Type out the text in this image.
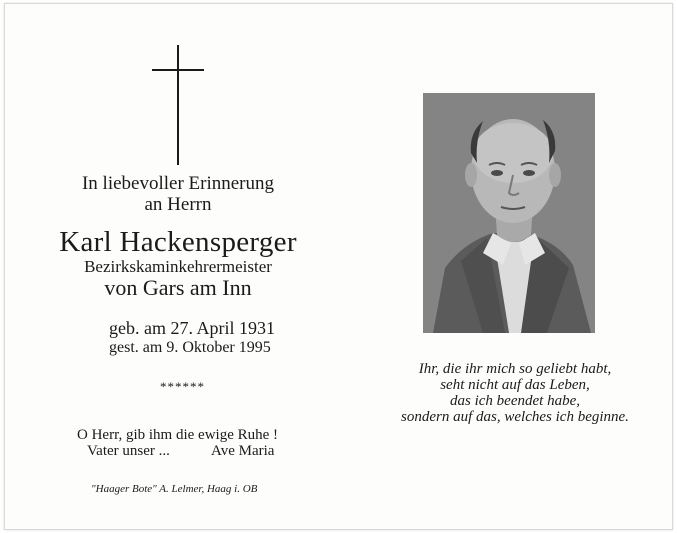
In liebevoller Erinnerung

an Herrn

Karl Hackensperger

Bezirkskaminkehrermeister

von Gars am Inn

geb. am 27. April 1931

gest. am 9. Oktober 1995

******

O Herr, gib ihm die ewige Ruhe !

Vater unser ...	Ave Maria

"Haager Bote" A. Lelmer, Haag i. OB

Ihr, die ihr mich so geliebt habt,

seht nicht auf das Leben,

das ich beendet habe,

sondern auf das, welches ich beginne.
